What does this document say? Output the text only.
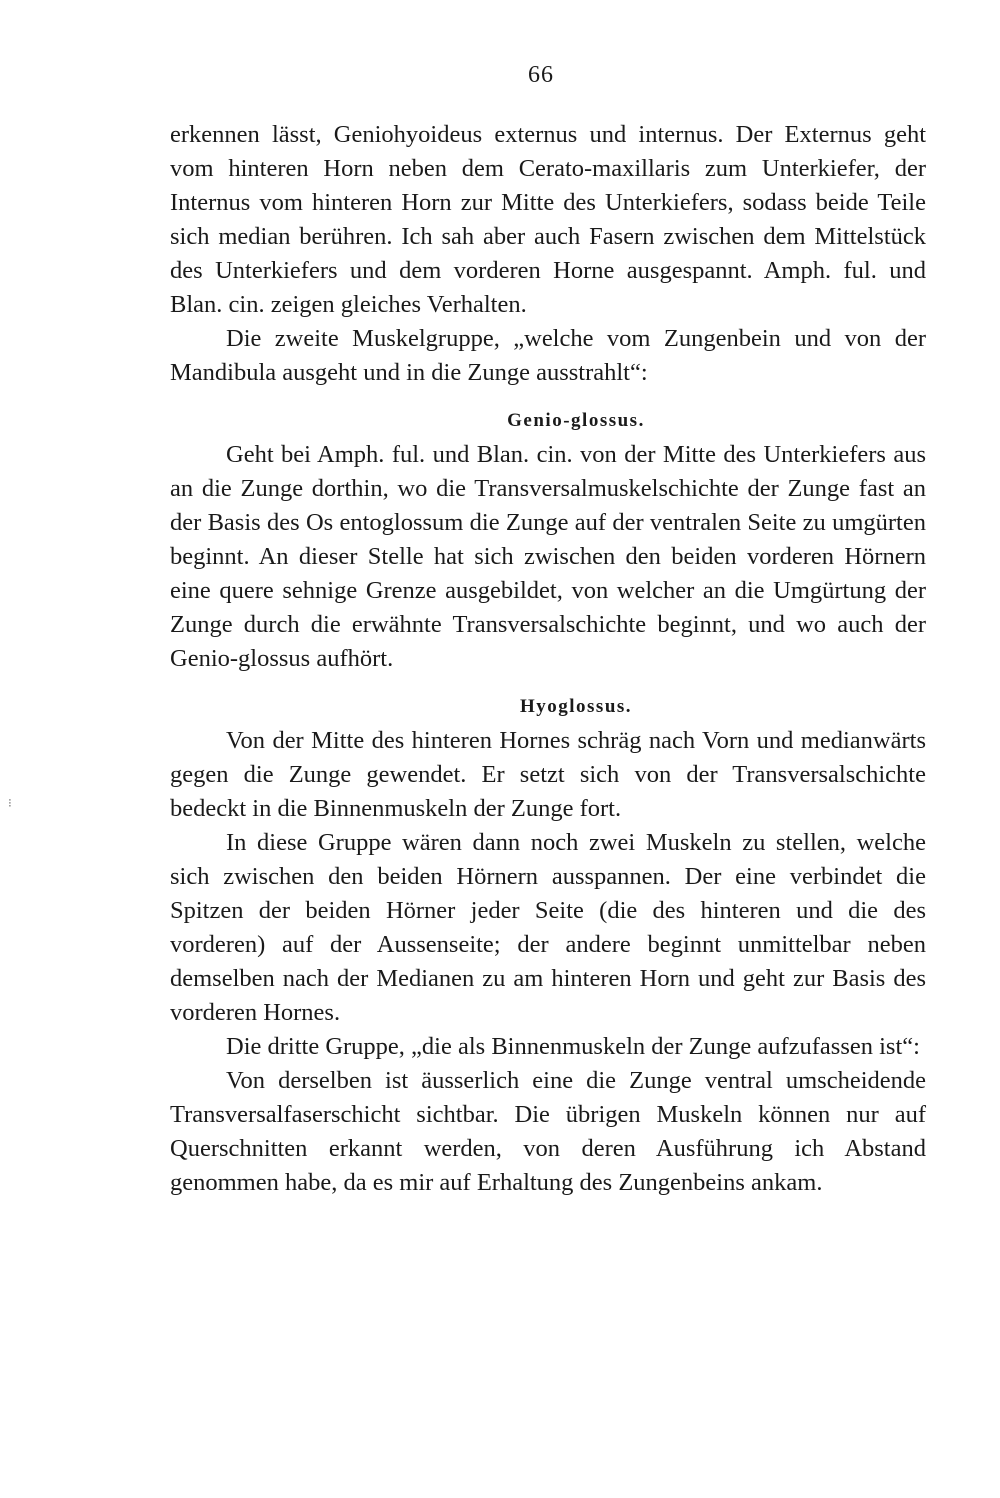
66

erkennen lässt, Geniohyoideus externus und internus. Der Externus geht vom hinteren Horn neben dem Cerato-maxillaris zum Unterkiefer, der Internus vom hinteren Horn zur Mitte des Unterkiefers, sodass beide Teile sich median berühren. Ich sah aber auch Fasern zwischen dem Mittelstück des Unterkiefers und dem vorderen Horne ausgespannt. Amph. ful. und Blan. cin. zeigen gleiches Verhalten.

Die zweite Muskelgruppe, „welche vom Zungenbein und von der Mandibula ausgeht und in die Zunge ausstrahlt“:

Genio-glossus.

Geht bei Amph. ful. und Blan. cin. von der Mitte des Unterkiefers aus an die Zunge dorthin, wo die Transversalmuskelschichte der Zunge fast an der Basis des Os entoglossum die Zunge auf der ventralen Seite zu umgürten beginnt. An dieser Stelle hat sich zwischen den beiden vorderen Hörnern eine quere sehnige Grenze ausgebildet, von welcher an die Umgürtung der Zunge durch die erwähnte Transversalschichte beginnt, und wo auch der Genio-glossus aufhört.

Hyoglossus.

Von der Mitte des hinteren Hornes schräg nach Vorn und medianwärts gegen die Zunge gewendet. Er setzt sich von der Transversalschichte bedeckt in die Binnenmuskeln der Zunge fort.

In diese Gruppe wären dann noch zwei Muskeln zu stellen, welche sich zwischen den beiden Hörnern ausspannen. Der eine verbindet die Spitzen der beiden Hörner jeder Seite (die des hinteren und die des vorderen) auf der Aussenseite; der andere beginnt unmittelbar neben demselben nach der Medianen zu am hinteren Horn und geht zur Basis des vorderen Hornes.

Die dritte Gruppe, „die als Binnenmuskeln der Zunge aufzufassen ist“:

Von derselben ist äusserlich eine die Zunge ventral umscheidende Transversalfaserschicht sichtbar. Die übrigen Muskeln können nur auf Querschnitten erkannt werden, von deren Ausführung ich Abstand genommen habe, da es mir auf Erhaltung des Zungenbeins ankam.

⁝
